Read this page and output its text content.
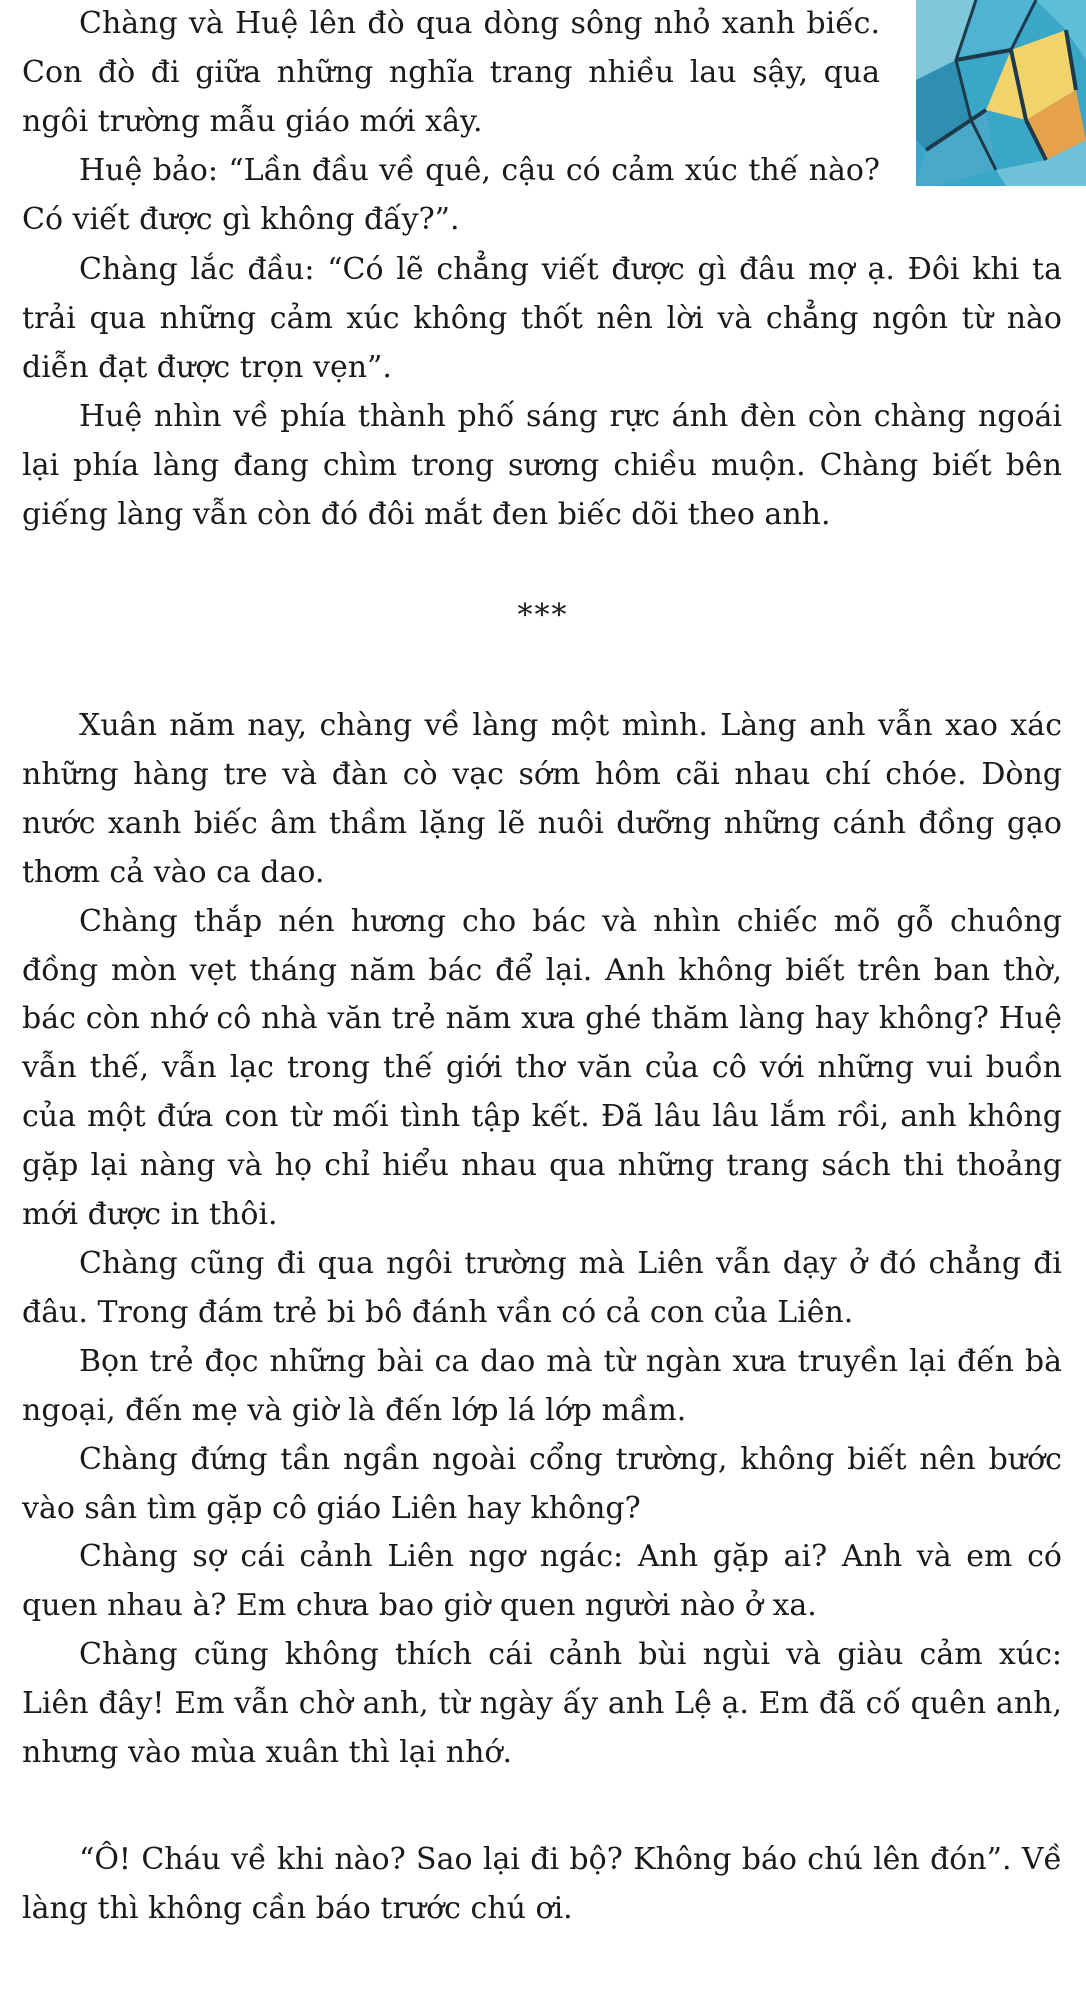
Chàng và Huệ lên đò qua dòng sông nhỏ xanh biếc. Con đò đi giữa những nghĩa trang nhiều lau sậy, qua ngôi trường mẫu giáo mới xây.

Huệ bảo: “Lần đầu về quê, cậu có cảm xúc thế nào? Có viết được gì không đấy?”.

Chàng lắc đầu: “Có lẽ chẳng viết được gì đâu mợ ạ. Đôi khi ta trải qua những cảm xúc không thốt nên lời và chẳng ngôn từ nào diễn đạt được trọn vẹn”.

Huệ nhìn về phía thành phố sáng rực ánh đèn còn chàng ngoái lại phía làng đang chìm trong sương chiều muộn. Chàng biết bên giếng làng vẫn còn đó đôi mắt đen biếc dõi theo anh.

***

Xuân năm nay, chàng về làng một mình. Làng anh vẫn xao xác những hàng tre và đàn cò vạc sớm hôm cãi nhau chí chóe. Dòng nước xanh biếc âm thầm lặng lẽ nuôi dưỡng những cánh đồng gạo thơm cả vào ca dao.

Chàng thắp nén hương cho bác và nhìn chiếc mõ gỗ chuông đồng mòn vẹt tháng năm bác để lại. Anh không biết trên ban thờ, bác còn nhớ cô nhà văn trẻ năm xưa ghé thăm làng hay không? Huệ vẫn thế, vẫn lạc trong thế giới thơ văn của cô với những vui buồn của một đứa con từ mối tình tập kết. Đã lâu lâu lắm rồi, anh không gặp lại nàng và họ chỉ hiểu nhau qua những trang sách thi thoảng mới được in thôi.

Chàng cũng đi qua ngôi trường mà Liên vẫn dạy ở đó chẳng đi đâu. Trong đám trẻ bi bô đánh vần có cả con của Liên.

Bọn trẻ đọc những bài ca dao mà từ ngàn xưa truyền lại đến bà ngoại, đến mẹ và giờ là đến lớp lá lớp mầm.

Chàng đứng tần ngần ngoài cổng trường, không biết nên bước vào sân tìm gặp cô giáo Liên hay không?

Chàng sợ cái cảnh Liên ngơ ngác: Anh gặp ai? Anh và em có quen nhau à? Em chưa bao giờ quen người nào ở xa.

Chàng cũng không thích cái cảnh bùi ngùi và giàu cảm xúc: Liên đây! Em vẫn chờ anh, từ ngày ấy anh Lệ ạ. Em đã cố quên anh, nhưng vào mùa xuân thì lại nhớ.

“Ô! Cháu về khi nào? Sao lại đi bộ? Không báo chú lên đón”. Về làng thì không cần báo trước chú ơi.
